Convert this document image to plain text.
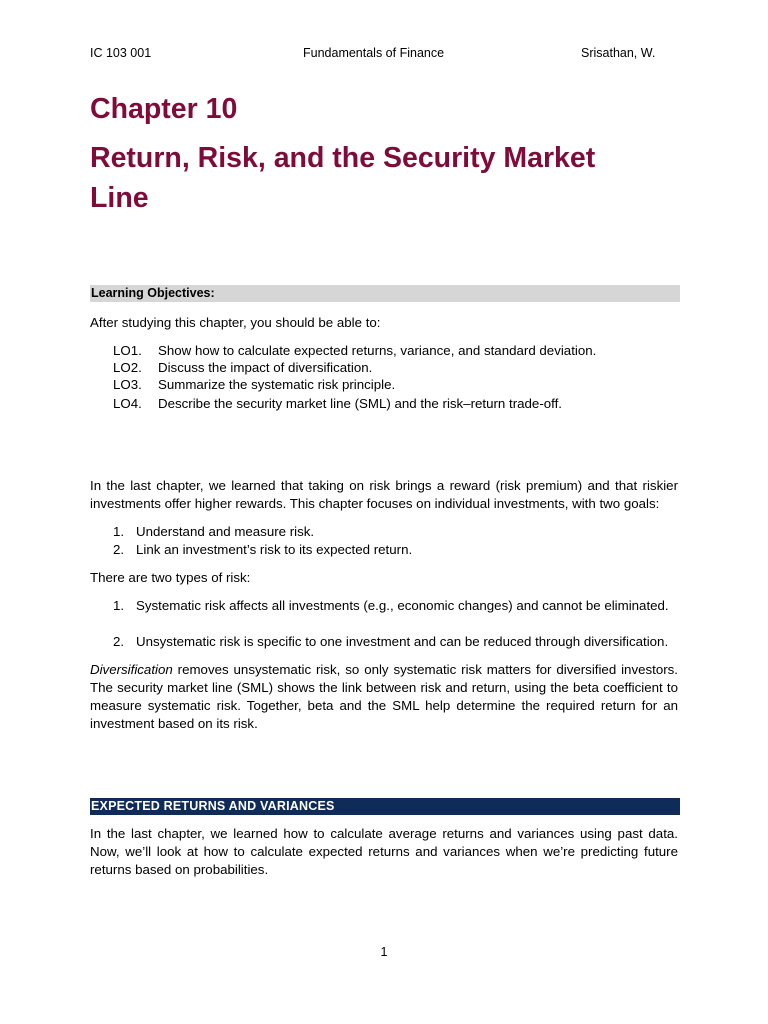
IC 103 001	Fundamentals of Finance	Srisathan, W.
Chapter 10
Return, Risk, and the Security Market
Line
Learning Objectives:

After studying this chapter, you should be able to:

LO1. Show how to calculate expected returns, variance, and standard deviation.
LO2. Discuss the impact of diversification.
LO3. Summarize the systematic risk principle.
LO4. Describe the security market line (SML) and the risk–return trade-off.

In the last chapter, we learned that taking on risk brings a reward (risk premium) and that riskier investments offer higher rewards. This chapter focuses on individual investments, with two goals:

1. Understand and measure risk.
2. Link an investment’s risk to its expected return.

There are two types of risk:

1. Systematic risk affects all investments (e.g., economic changes) and cannot be eliminated.
2. Unsystematic risk is specific to one investment and can be reduced through diversification.

Diversification removes unsystematic risk, so only systematic risk matters for diversified investors. The security market line (SML) shows the link between risk and return, using the beta coefficient to measure systematic risk. Together, beta and the SML help determine the required return for an investment based on its risk.

EXPECTED RETURNS AND VARIANCES

In the last chapter, we learned how to calculate average returns and variances using past data. Now, we’ll look at how to calculate expected returns and variances when we’re predicting future returns based on probabilities.

1
